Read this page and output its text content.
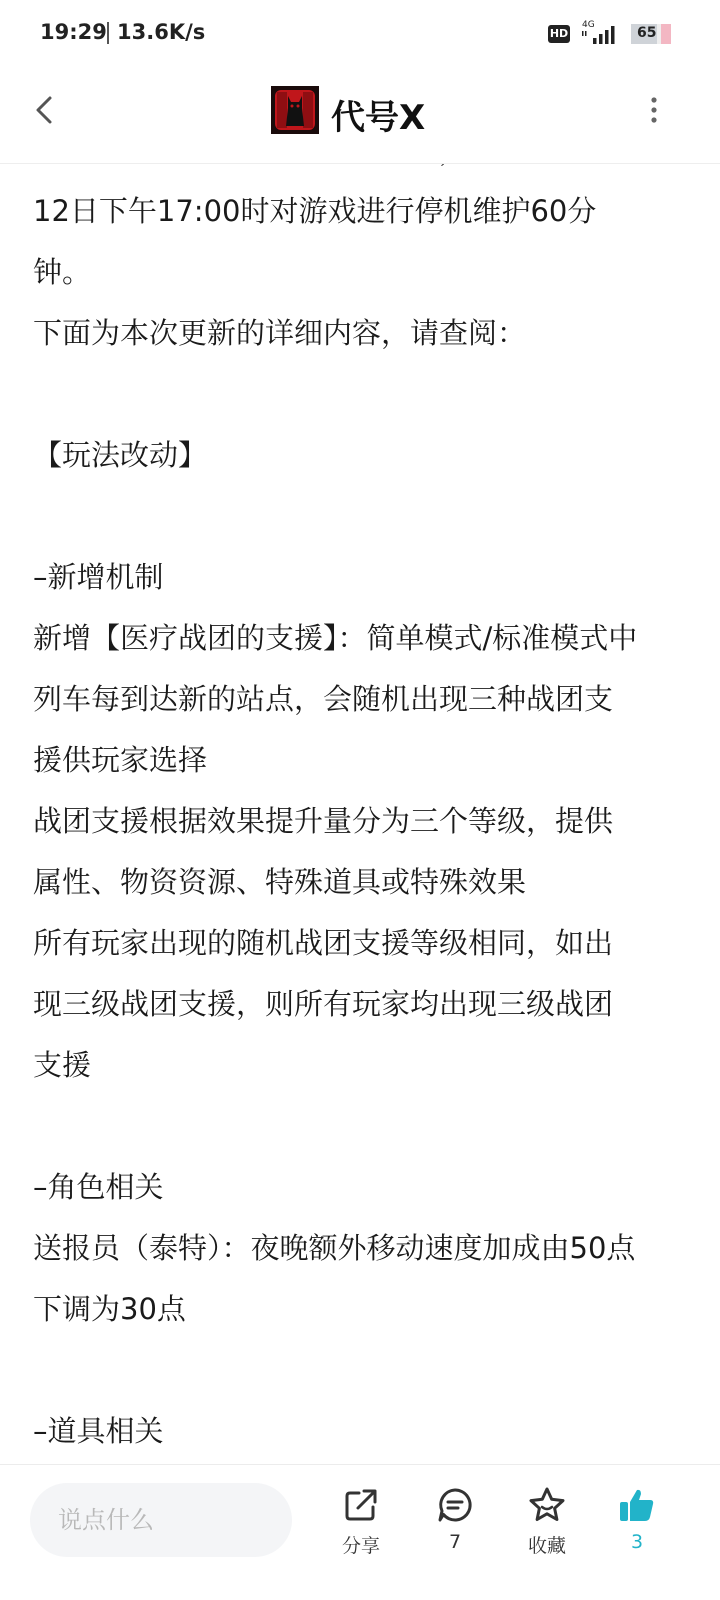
19:29 13.6K/s	HD
4G	65
代号X

12日下午17:00时对游戏进行停机维护60分

钟。

下面为本次更新的详细内容，请查阅：

【玩法改动】

–新增机制

新增【医疗战团的支援】：简单模式/标准模式中

列车每到达新的站点，会随机出现三种战团支

援供玩家选择

战团支援根据效果提升量分为三个等级，提供

属性、物资资源、特殊道具或特殊效果

所有玩家出现的随机战团支援等级相同，如出

现三级战团支援，则所有玩家均出现三级战团

支援

–角色相关

送报员（泰特）：夜晚额外移动速度加成由50点

下调为30点

–道具相关

说点什么
分享	7	收藏	3
